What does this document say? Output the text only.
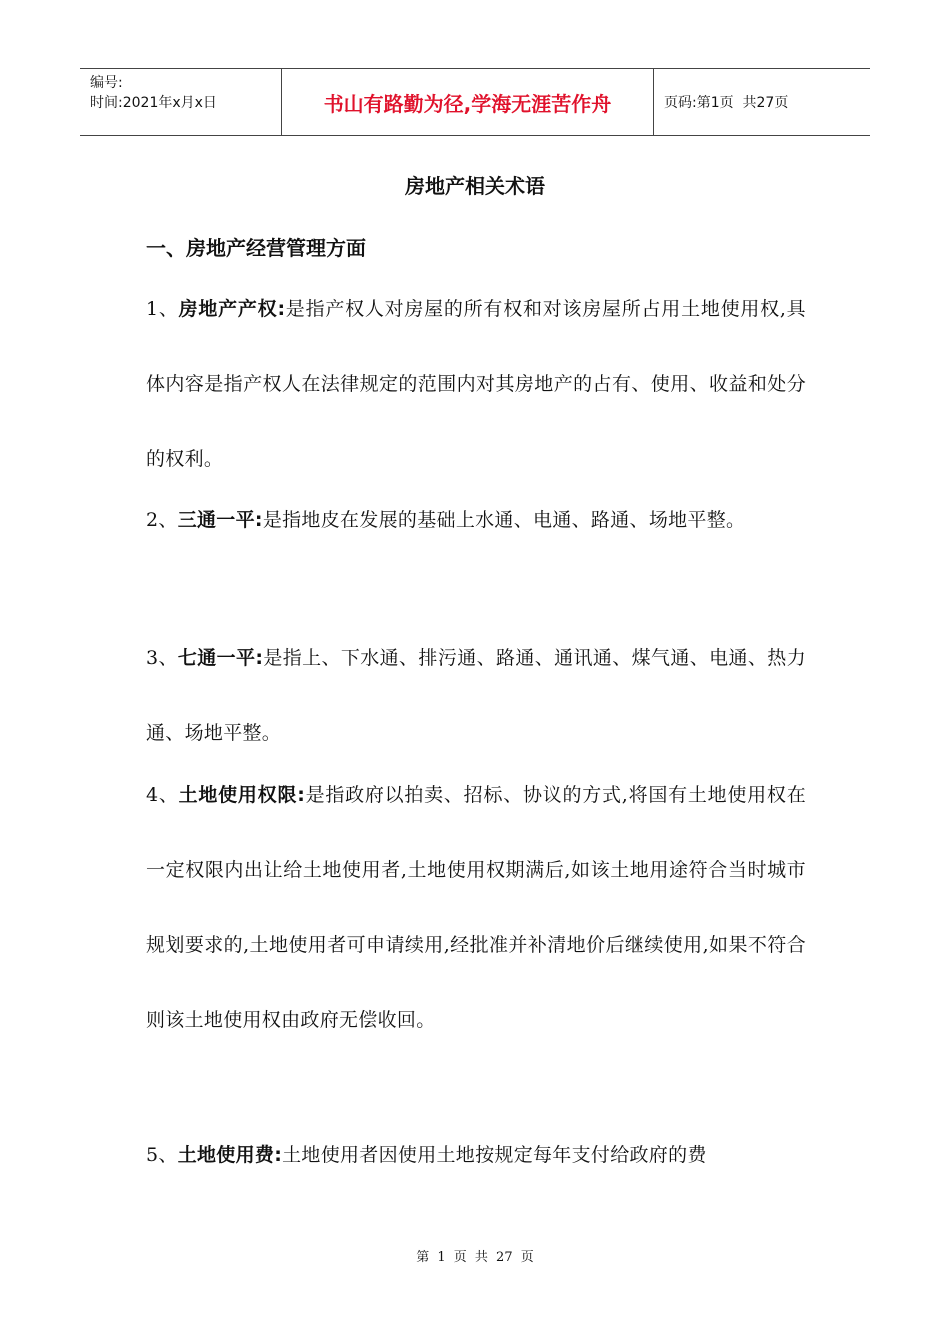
编号:
时间:2021年x月x日	书山有路勤为径,学海无涯苦作舟	页码:第1页  共27页
房地产相关术语
一、房地产经营管理方面
1、房地产产权:是指产权人对房屋的所有权和对该房屋所占用土地使用权,具体内容是指产权人在法律规定的范围内对其房地产的占有、使用、收益和处分的权利。
2、三通一平:是指地皮在发展的基础上水通、电通、路通、场地平整。
3、七通一平:是指上、下水通、排污通、路通、通讯通、煤气通、电通、热力通、场地平整。
4、土地使用权限:是指政府以拍卖、招标、协议的方式,将国有土地使用权在一定权限内出让给土地使用者,土地使用权期满后,如该土地用途符合当时城市规划要求的,土地使用者可申请续用,经批准并补清地价后继续使用,如果不符合则该土地使用权由政府无偿收回。
5、土地使用费:土地使用者因使用土地按规定每年支付给政府的费
第 1 页 共 27 页
